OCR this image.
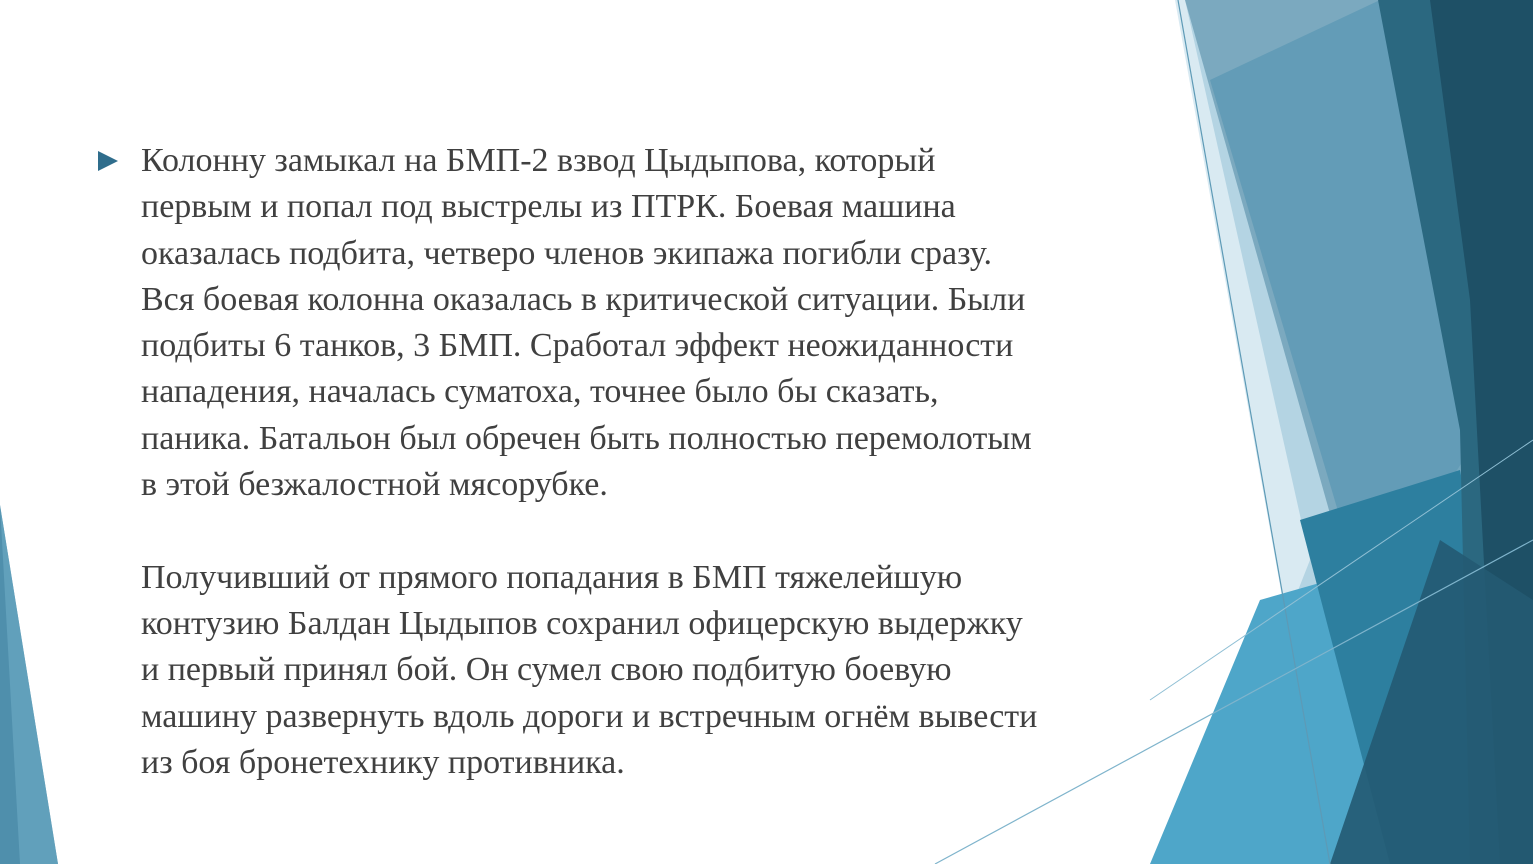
Колонну замыкал на БМП-2 взвод Цыдыпова, который
первым и попал под выстрелы из ПТРК. Боевая машина
оказалась подбита, четверо членов экипажа погибли сразу.
Вся боевая колонна оказалась в критической ситуации. Были
подбиты 6 танков, 3 БМП. Сработал эффект неожиданности
нападения, началась суматоха, точнее было бы сказать,
паника. Батальон был обречен быть полностью перемолотым
в этой безжалостной мясорубке.

Получивший от прямого попадания в БМП тяжелейшую
контузию Балдан Цыдыпов сохранил офицерскую выдержку
и первый принял бой. Он сумел свою подбитую боевую
машину развернуть вдоль дороги и встречным огнём вывести
из боя бронетехнику противника.
